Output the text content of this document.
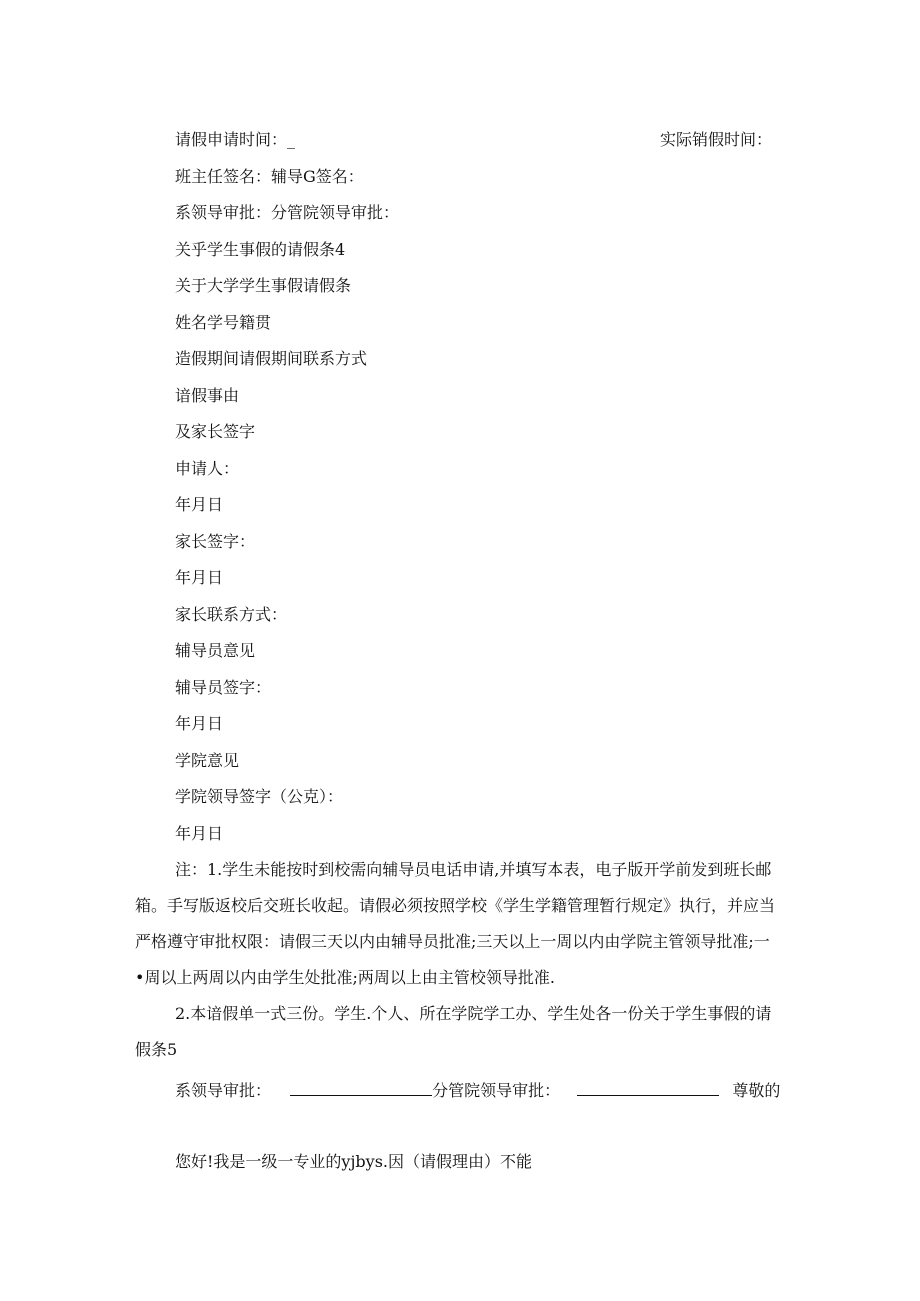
请假申请时间：_	实际销假时间：
班主任签名：辅导G签名：
系领导审批：分管院领导审批：
关乎学生事假的请假条4
关于大学学生事假请假条
姓名学号籍贯
造假期间请假期间联系方式
谙假事由
及家长签字
申请人：
年月日
家长签字：
年月日
家长联系方式：
辅导员意见
辅导员签字：
年月日
学院意见
学院领导签字（公克）：
年月日

注：1.学生未能按时到校需向辅导员电话申请,并填写本表，电子版开学前发到班长邮箱。手写版返校后交班长收起。请假必须按照学校《学生学籍管理暂行规定》执行，并应当严格遵守审批权限：请假三天以内由辅导员批准;三天以上一周以内由学院主管领导批准;一•周以上两周以内由学生处批准;两周以上由主管校领导批准.

2.本谙假单一式三份。学生.个人、所在学院学工办、学生处各一份关于学生事假的请假条5

系领导审批：	分管院领导审批：	尊敬的
您好!我是一级一专业的yjbys.因（请假理由）不能
